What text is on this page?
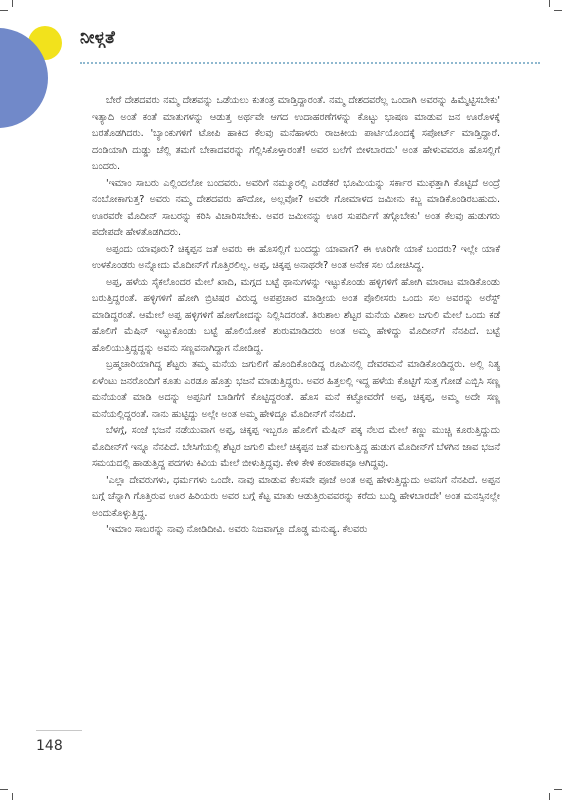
ನೀಳ್ಗತೆ

ಬೇರೆ ದೇಶದವರು ನಮ್ಮ ದೇಶವನ್ನು ಒಡೆಯಲು ಕುತಂತ್ರ ಮಾಡ್ತಿದ್ದಾರಂತೆ. ನಮ್ಮ ದೇಶದವರೆಲ್ಲ ಒಂದಾಗಿ ಅವರನ್ನು ಹಿಮ್ಮೆಟ್ಟಿಸಬೇಕು' ಇತ್ಯಾದಿ ಅಂತೆ ಕಂತೆ ಮಾತುಗಳನ್ನು ಆಡುತ್ತ ಅರ್ಥವೇ ಆಗದ ಉದಾಹರಣೆಗಳನ್ನು ಕೊಟ್ಟು ಭಾಷಣ ಮಾಡುವ ಜನ ಊರೊಳಕ್ಕೆ ಬರತೊಡಗಿದರು. 'ಬ್ಯಾಂಕುಗಳಿಗೆ ಟೋಪಿ ಹಾಕಿದ ಕೆಲವು ಮನೆಹಾಳರು ರಾಜಕೀಯ ಪಾರ್ಟಿಯೊಂದಕ್ಕೆ ಸಪೋರ್ಟ್ ಮಾಡ್ತಿದ್ದಾರೆ. ದಂಡಿಯಾಗಿ ದುಡ್ಡು ಚೆಲ್ಲಿ ತಮಗೆ ಬೇಕಾದವರನ್ನು ಗೆಲ್ಲಿಸಿಕೊಳ್ತಾರಂತೆ! ಅವರ ಬಲೆಗೆ ಬೀಳಬಾರದು' ಅಂತ ಹೇಳುವವರೂ ಹೊಸಲ್ಲಿಗೆ ಬಂದರು.

'ಇಮಾಂ ಸಾಬರು ಎಲ್ಲಿಂದಲೋ ಬಂದವರು. ಅವರಿಗೆ ನಮ್ಮೂರಲ್ಲಿ ಎರಡೆಕರೆ ಭೂಮಿಯನ್ನು ಸರ್ಕಾರ ಮುಫತ್ತಾಗಿ ಕೊಟ್ಟಿದೆ ಅಂದ್ರೆ ನಂಬೋಕಾಗುತ್ತ? ಅವರು ನಮ್ಮ ದೇಶದವರು ಹೌದೋ, ಅಲ್ಲವೋ? ಅವರೇ ಗೋಮಾಳದ ಜಮೀನು ಕಬ್ಜ ಮಾಡಿಕೊಂಡಿರಬಹುದು. ಊರವರೇ ಮೊದೀನ್ ಸಾಬರನ್ನು ಕರಿಸಿ ವಿಚಾರಿಸಬೇಕು. ಅವರ ಜಮೀನನ್ನು ಊರ ಸುಪರ್ದಿಗೆ ತಗ್ಗೊಬೇಕು' ಅಂತ ಕೆಲವು ಹುಡುಗರು ಪದೇಪದೇ ಹೇಳತೊಡಗಿದರು.

ಅಪ್ಪಂದು ಯಾವೂರು? ಚಿಕ್ಕಪ್ಪನ ಜತೆ ಅವರು ಈ ಹೊಸಲ್ಲಿಗೆ ಬಂದದ್ದು ಯಾವಾಗ? ಈ ಊರಿಗೇ ಯಾಕೆ ಬಂದರು? ಇಲ್ಲೇ ಯಾಕೆ ಉಳಕೊಂಡರು ಅನ್ನೋದು ಮೊದೀನ್‌ಗೆ ಗೊತ್ತಿರಲಿಲ್ಲ. ಅಪ್ಪ, ಚಿಕ್ಕಪ್ಪ ಅನಾಥರೇ? ಅಂತ ಅನೇಕ ಸಲ ಯೋಚಿಸಿದ್ದ.

ಅಪ್ಪ, ಹಳೆಯ ಸೈಕಲೊಂದರ ಮೇಲೆ ಖಾದಿ, ಮಗ್ಗದ ಬಟ್ಟೆ ಥಾನುಗಳನ್ನು ಇಟ್ಟುಕೊಂಡು ಹಳ್ಳಿಗಳಿಗೆ ಹೋಗಿ ಮಾರಾಟ ಮಾಡಿಕೊಂಡು ಬರುತ್ತಿದ್ದರಂತೆ. ಹಳ್ಳಿಗಳಿಗೆ ಹೋಗಿ ಬ್ರಿಟಿಷರ ವಿರುದ್ಧ ಅಪಪ್ರಚಾರ ಮಾಡ್ತೀಯ ಅಂತ ಪೊಲೀಸರು ಒಂದು ಸಲ ಅವರನ್ನು ಅರೆಸ್ಟ್ ಮಾಡಿದ್ದರಂತೆ. ಆಮೇಲೆ ಅಪ್ಪ ಹಳ್ಳಿಗಳಿಗೆ ಹೋಗೋದನ್ನು ನಿಲ್ಲಿಸಿದರಂತೆ. ತಿರುಶಾಲ ಶೆಟ್ಟರ ಮನೆಯ ವಿಶಾಲ ಜಗುಲಿ ಮೇಲೆ ಒಂದು ಕಡೆ ಹೊಲಿಗೆ ಮೆಷಿನ್ ಇಟ್ಟುಕೊಂಡು ಬಟ್ಟೆ ಹೊಲಿಯೋಕೆ ಶುರುಮಾಡಿದರು ಅಂತ ಅಮ್ಮ ಹೇಳಿದ್ದು ಮೊದೀನ್‌ಗೆ ನೆನಪಿದೆ. ಬಟ್ಟೆ ಹೊಲಿಯುತ್ತಿದ್ದದ್ದನ್ನು ಅವನು ಸಣ್ಣವನಾಗಿದ್ದಾಗ ನೋಡಿದ್ದ.

ಬ್ರಹ್ಮಚಾರಿಯಾಗಿದ್ದ ಶೆಟ್ಟರು ತಮ್ಮ ಮನೆಯ ಜಗುಲಿಗೆ ಹೊಂದಿಕೊಂಡಿದ್ದ ರೂಮಿನಲ್ಲಿ ದೇವರಮನೆ ಮಾಡಿಕೊಂಡಿದ್ದರು. ಅಲ್ಲಿ ನಿತ್ಯ ಏಳೆಂಟು ಜನರೊಂದಿಗೆ ಕೂತು ಎರಡೂ ಹೊತ್ತು ಭಜನೆ ಮಾಡುತ್ತಿದ್ದರು. ಅವರ ಹಿತ್ತಲಲ್ಲಿ ಇದ್ದ ಹಳೆಯ ಕೊಟ್ಟಿಗೆ ಸುತ್ತ ಗೋಡೆ ಎಬ್ಬಿಸಿ ಸಣ್ಣ ಮನೆಯಂತೆ ಮಾಡಿ ಅದನ್ನು ಅಪ್ಪನಿಗೆ ಬಾಡಿಗೆಗೆ ಕೊಟ್ಟಿದ್ದರಂತೆ. ಹೊಸ ಮನೆ ಕಟ್ಟೋವರೆಗೆ ಅಪ್ಪ, ಚಿಕ್ಕಪ್ಪ, ಅಮ್ಮ ಅದೇ ಸಣ್ಣ ಮನೆಯಲ್ಲಿದ್ದರಂತೆ. ನಾನು ಹುಟ್ಟಿದ್ದು ಅಲ್ಲೇ ಅಂತ ಅಮ್ಮ ಹೇಳಿದ್ದೂ ಮೊದೀನ್‌ಗೆ ನೆನಪಿದೆ.

ಬೆಳಗ್ಗೆ, ಸಂಜೆ ಭಜನೆ ನಡೆಯುವಾಗ ಅಪ್ಪ, ಚಿಕ್ಕಪ್ಪ ಇಬ್ಬರೂ ಹೊಲಿಗೆ ಮೆಷಿನ್ ಪಕ್ಕ ನೆಲದ ಮೇಲೆ ಕಣ್ಣು ಮುಚ್ಚಿ ಕೂರುತ್ತಿದ್ದುದು ಮೊದೀನ್‌ಗೆ ಇನ್ನೂ ನೆನಪಿದೆ. ಬೇಸಿಗೆಯಲ್ಲಿ ಶೆಟ್ಟರ ಜಗುಲಿ ಮೇಲೆ ಚಿಕ್ಕಪ್ಪನ ಜತೆ ಮಲಗುತ್ತಿದ್ದ ಹುಡುಗ ಮೊದೀನ್‌ಗೆ ಬೆಳಗಿನ ಜಾವ ಭಜನೆ ಸಮಯದಲ್ಲಿ ಹಾಡುತ್ತಿದ್ದ ಪದಗಳು ಕಿವಿಯ ಮೇಲೆ ಬೀಳುತ್ತಿದ್ದವು. ಕೇಳಿ ಕೇಳಿ ಕಂಠಪಾಠವೂ ಆಗಿದ್ದವು.

'ಎಲ್ಲಾ ದೇವರುಗಳು, ಧರ್ಮಗಳು ಒಂದೇ. ನಾವು ಮಾಡುವ ಕೆಲಸವೇ ಪೂಜೆ ಅಂತ ಅಪ್ಪ ಹೇಳುತ್ತಿದ್ದುದು ಅವನಿಗೆ ನೆನಪಿದೆ. ಅಪ್ಪನ ಬಗ್ಗೆ ಚೆನ್ನಾಗಿ ಗೊತ್ತಿರುವ ಊರ ಹಿರಿಯರು ಅವರ ಬಗ್ಗೆ ಕೆಟ್ಟ ಮಾತು ಆಡುತ್ತಿರುವವರನ್ನು ಕರೆದು ಬುದ್ಧಿ ಹೇಳಬಾರದೇ' ಅಂತ ಮನಸ್ಸಿನಲ್ಲೇ ಅಂದುಕೊಳ್ಳುತ್ತಿದ್ದ.

'ಇಮಾಂ ಸಾಬರನ್ನು ನಾವು ನೋಡಿದೀವಿ. ಅವರು ನಿಜವಾಗ್ಲೂ ದೊಡ್ಡ ಮನುಷ್ಯ. ಕೆಲವರು

148
